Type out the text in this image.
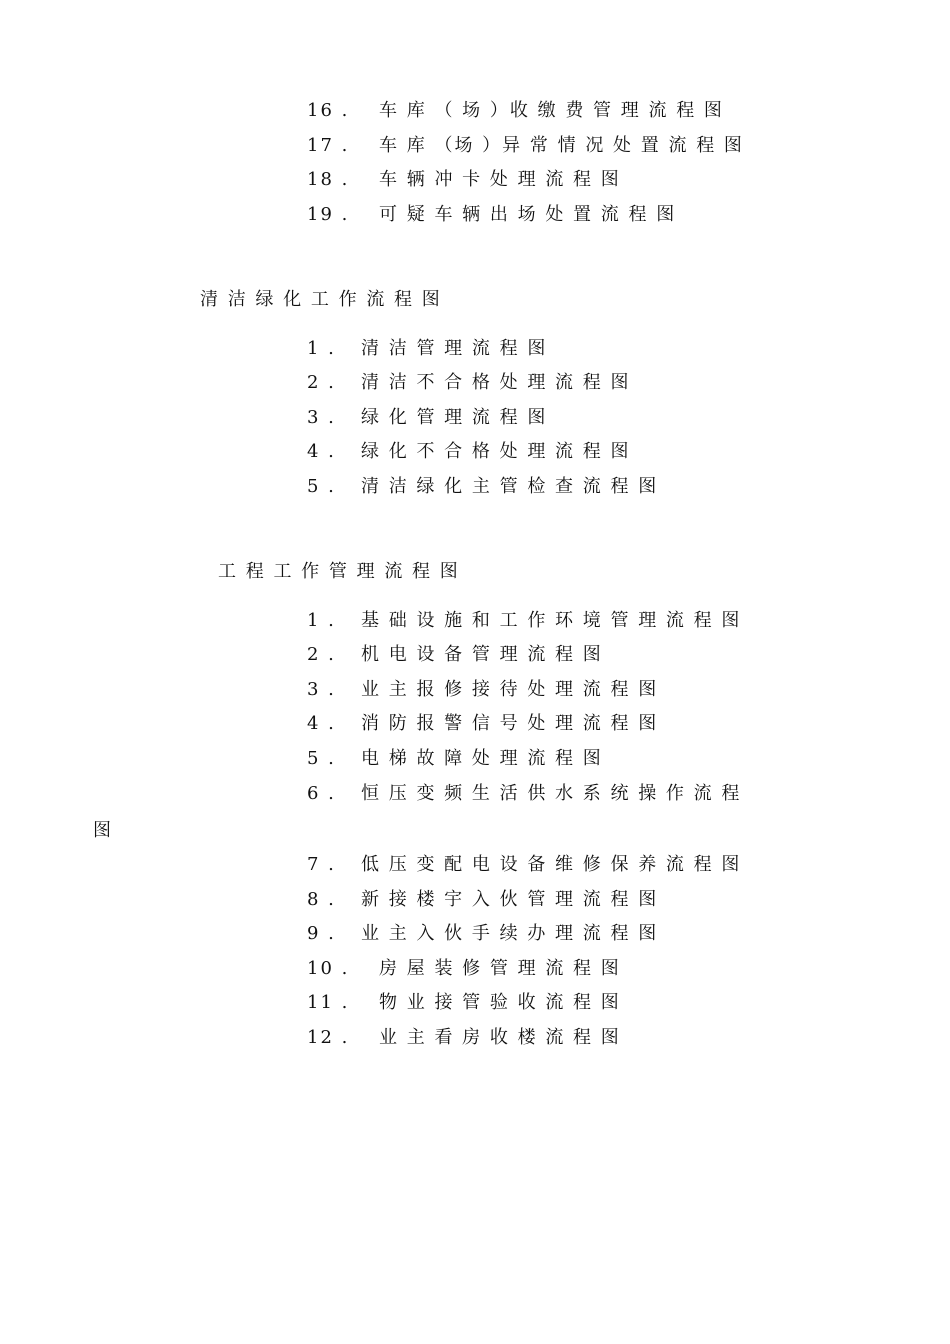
16 . 车 库 （ 场 ）收 缴 费 管 理 流 程 图
17 . 车 库 （场 ）异 常 情 况 处 置 流 程 图
18 . 车 辆 冲 卡 处 理 流 程 图
19 . 可 疑 车 辆 出 场 处 置 流 程 图
清 洁 绿 化 工 作 流 程 图
1 . 清 洁 管 理 流 程 图
2 . 清 洁 不 合 格 处 理 流 程 图
3 . 绿 化 管 理 流 程 图
4 . 绿 化 不 合 格 处 理 流 程 图
5 . 清 洁 绿 化 主 管 检 查 流 程 图
工 程 工 作 管 理 流 程 图
1 . 基 础 设 施 和 工 作 环 境 管 理 流 程 图
2 . 机 电 设 备 管 理 流 程 图
3 . 业 主 报 修 接 待 处 理 流 程 图
4 . 消 防 报 警 信 号 处 理 流 程 图
5 . 电 梯 故 障 处 理 流 程 图
6 . 恒 压 变 频 生 活 供 水 系 统 操 作 流 程
图
7 . 低 压 变 配 电 设 备 维 修 保 养 流 程 图
8 . 新 接 楼 宇 入 伙 管 理 流 程 图
9 . 业 主 入 伙 手 续 办 理 流 程 图
10 . 房 屋 装 修 管 理 流 程 图
11 . 物 业 接 管 验 收 流 程 图
12 . 业 主 看 房 收 楼 流 程 图
